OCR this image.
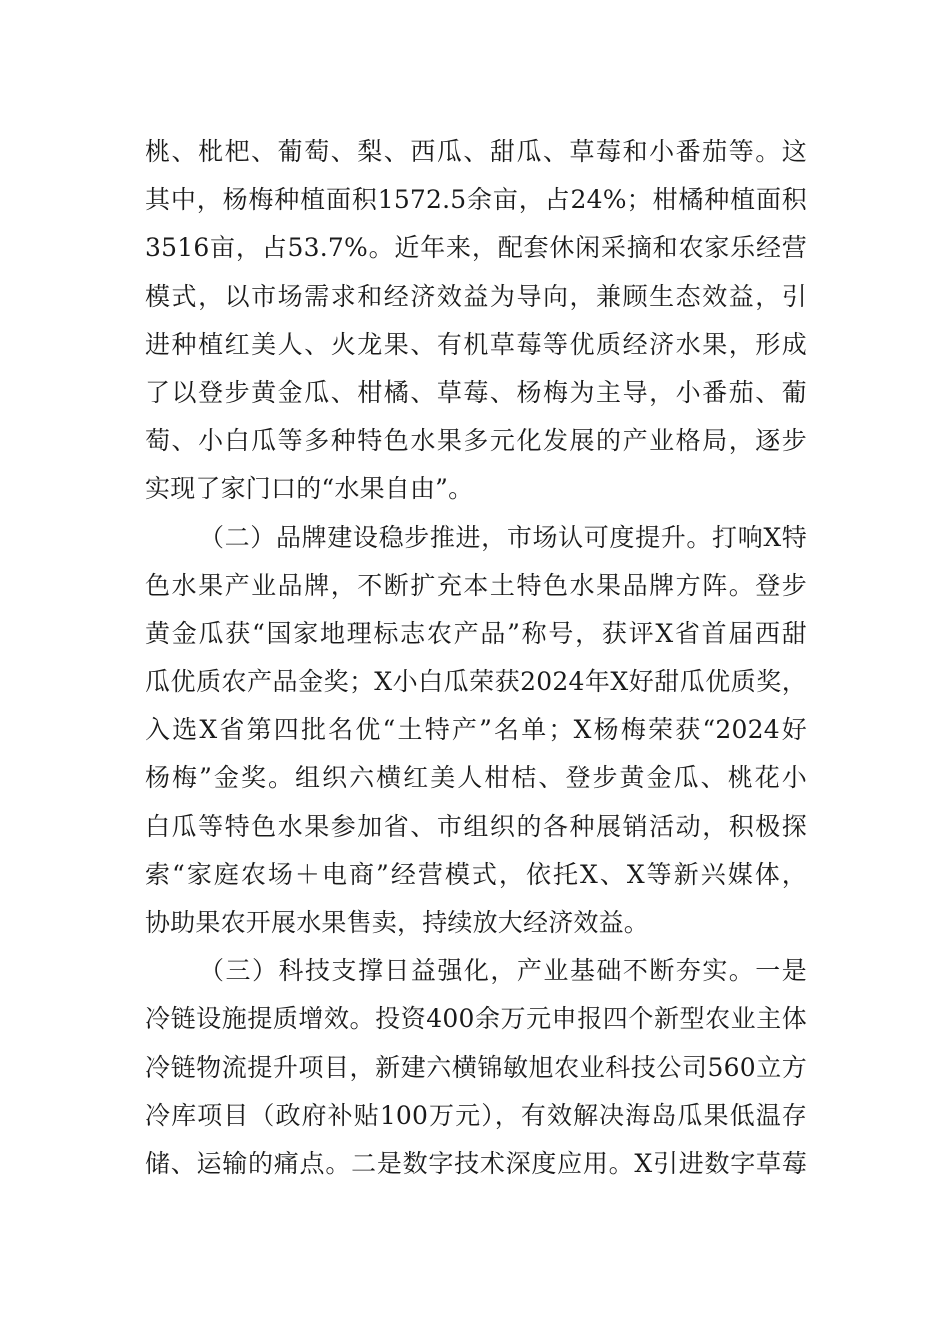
桃、枇杷、葡萄、梨、西瓜、甜瓜、草莓和小番茄等。这
其中，杨梅种植面积1572.5余亩，占24%；柑橘种植面积
3516亩，占53.7%。近年来，配套休闲采摘和农家乐经营
模式，以市场需求和经济效益为导向，兼顾生态效益，引
进种植红美人、火龙果、有机草莓等优质经济水果，形成
了以登步黄金瓜、柑橘、草莓、杨梅为主导，小番茄、葡
萄、小白瓜等多种特色水果多元化发展的产业格局，逐步
实现了家门口的“水果自由”。
（二）品牌建设稳步推进，市场认可度提升。打响X特
色水果产业品牌，不断扩充本土特色水果品牌方阵。登步
黄金瓜获“国家地理标志农产品”称号，获评X省首届西甜
瓜优质农产品金奖；X小白瓜荣获2024年X好甜瓜优质奖，
入选X省第四批名优“土特产”名单；X杨梅荣获“2024好
杨梅”金奖。组织六横红美人柑桔、登步黄金瓜、桃花小
白瓜等特色水果参加省、市组织的各种展销活动，积极探
索“家庭农场＋电商”经营模式，依托X、X等新兴媒体，
协助果农开展水果售卖，持续放大经济效益。
（三）科技支撑日益强化，产业基础不断夯实。一是
冷链设施提质增效。投资400余万元申报四个新型农业主体
冷链物流提升项目，新建六横锦敏旭农业科技公司560立方
冷库项目（政府补贴100万元），有效解决海岛瓜果低温存
储、运输的痛点。二是数字技术深度应用。X引进数字草莓
